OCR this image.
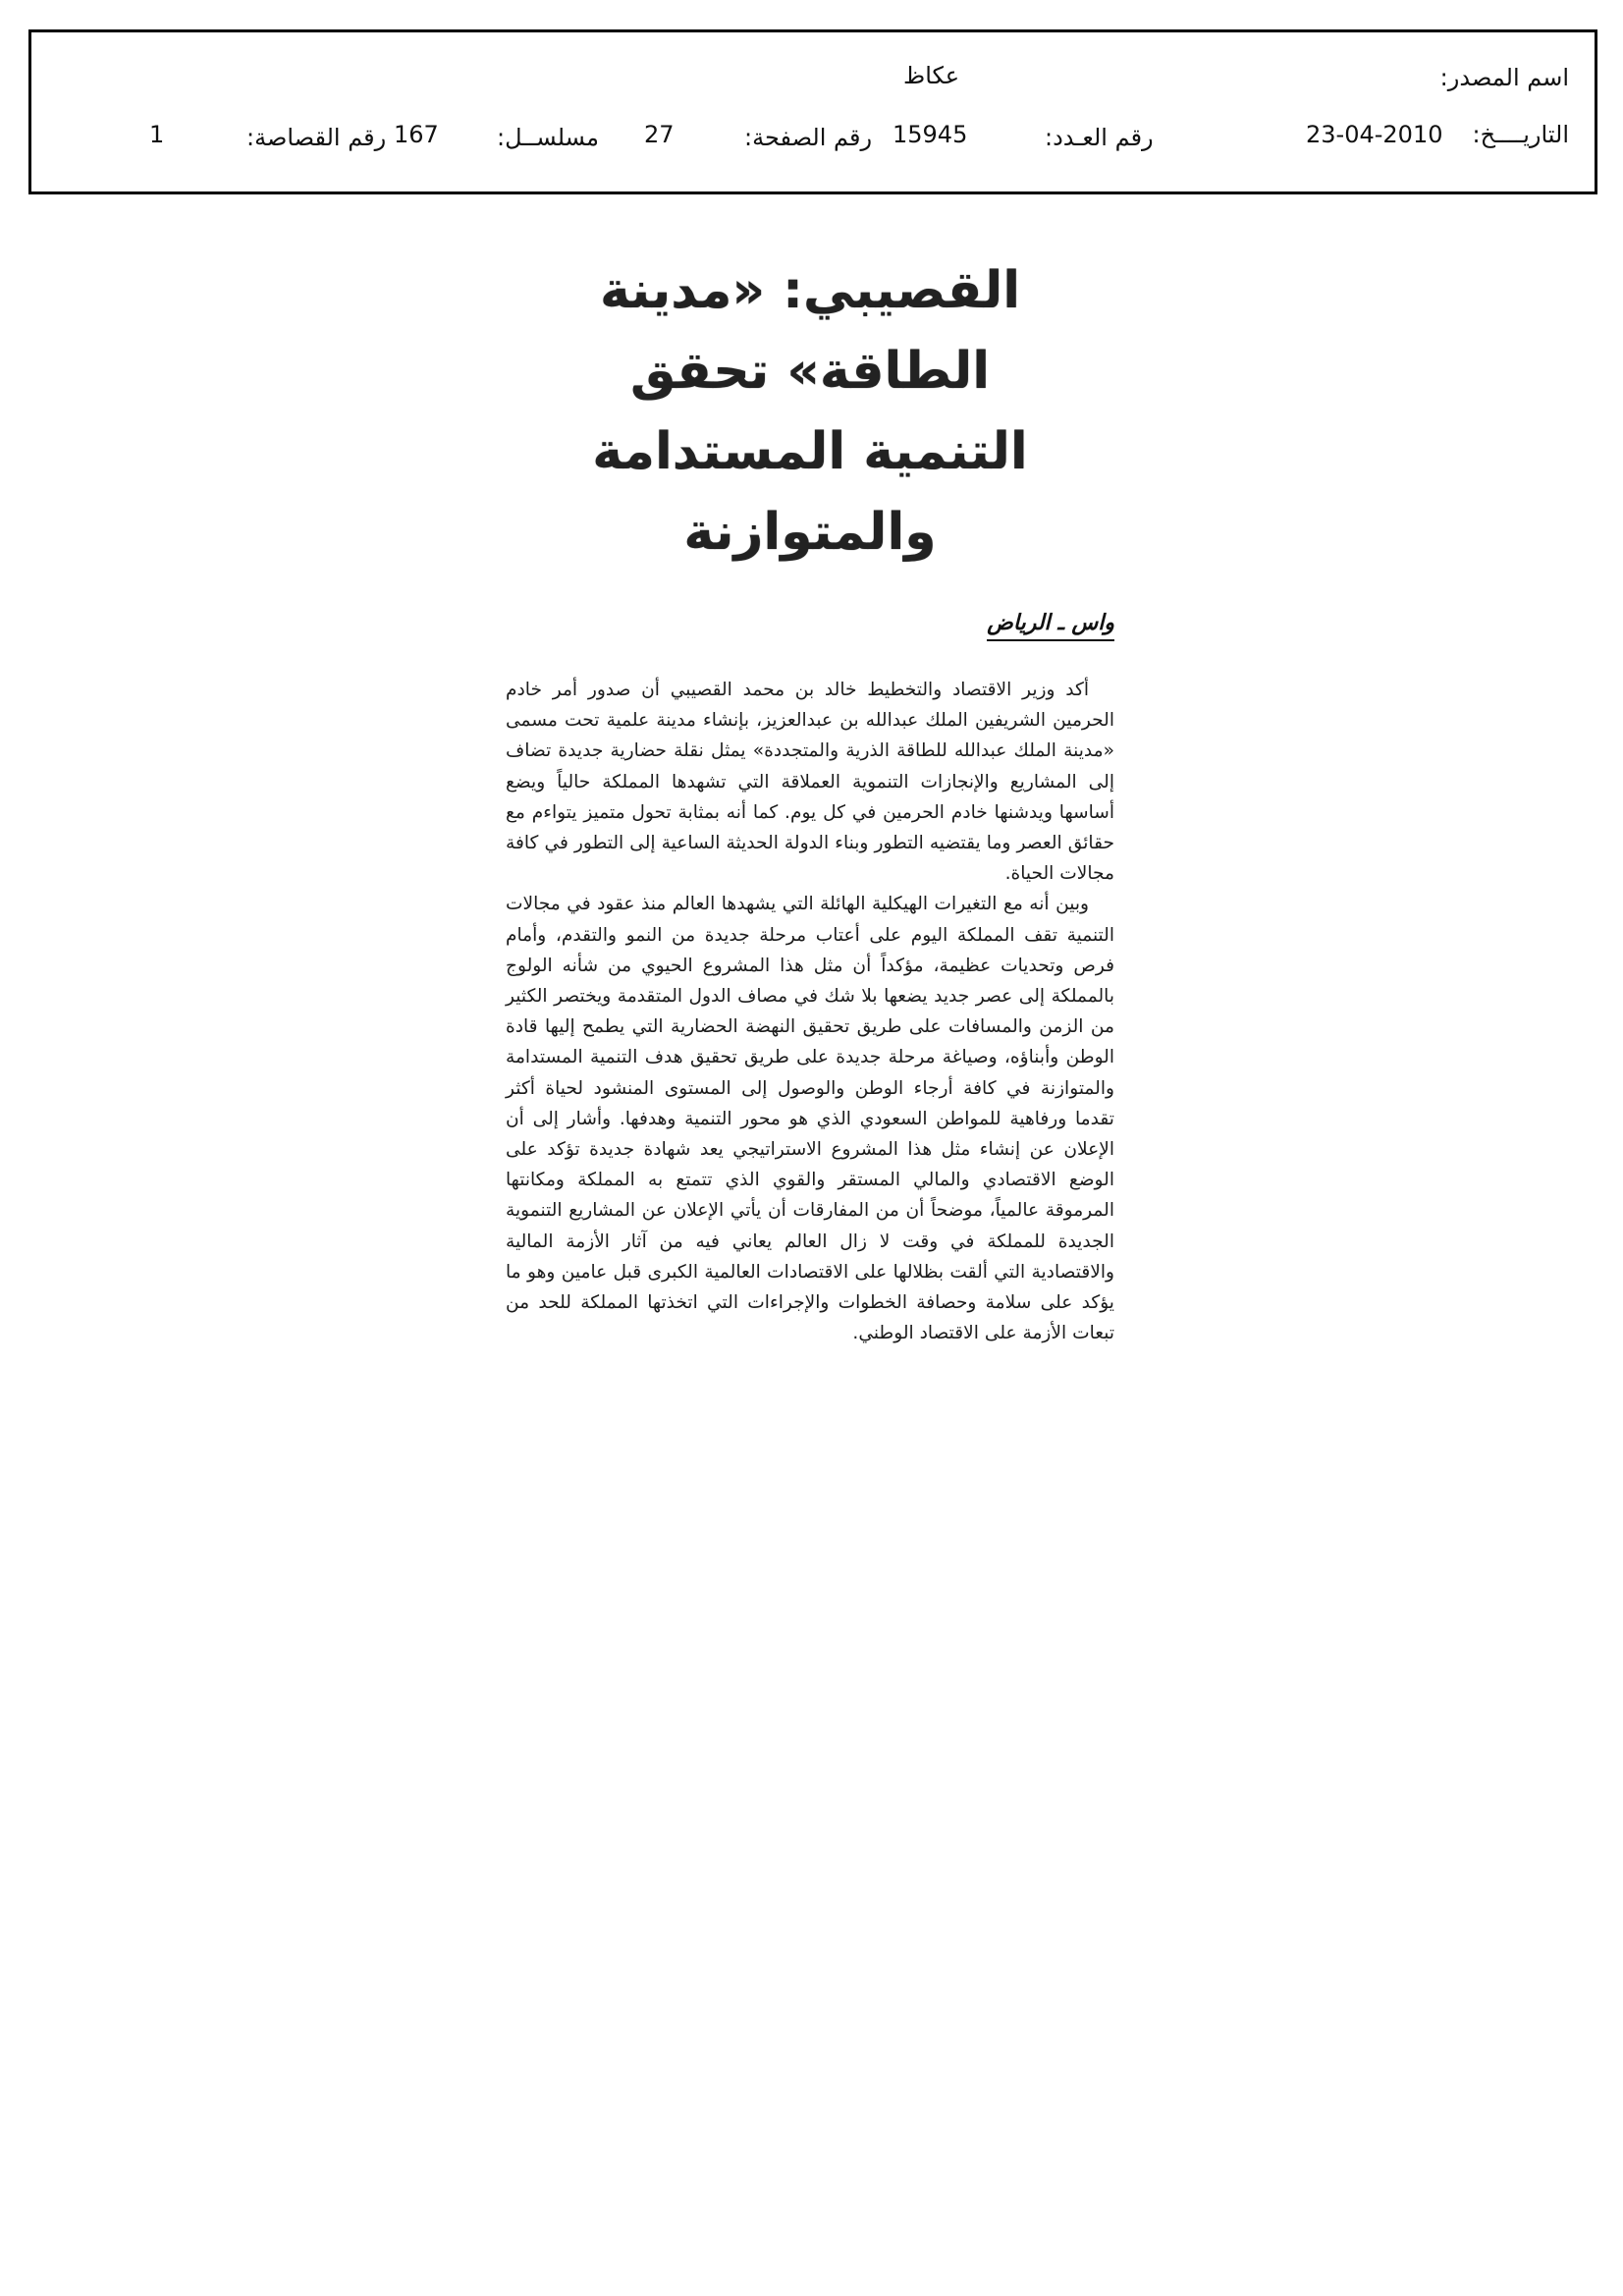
اسم المصدر:
عكاظ
التاريــــخ:
23-04-2010
رقم العـدد:
15945
رقم الصفحة:
27
مسلســل:
167
رقم القصاصة:
1
القصيبي: «مدينة الطاقة» تحقق
التنمية المستدامة والمتوازنة
واس ـ الرياض

أكد وزير الاقتصاد والتخطيط خالد بن محمد القصيبي أن صدور أمر خادم الحرمين الشريفين الملك عبدالله بن عبدالعزيز، بإنشاء مدينة علمية تحت مسمى «مدينة الملك عبدالله للطاقة الذرية والمتجددة» يمثل نقلة حضارية جديدة تضاف إلى المشاريع والإنجازات التنموية العملاقة التي تشهدها المملكة حالياً ويضع أساسها ويدشنها خادم الحرمين في كل يوم. كما أنه بمثابة تحول متميز يتواءم مع حقائق العصر وما يقتضيه التطور وبناء الدولة الحديثة الساعية إلى التطور في كافة مجالات الحياة.

وبين أنه مع التغيرات الهيكلية الهائلة التي يشهدها العالم منذ عقود في مجالات التنمية تقف المملكة اليوم على أعتاب مرحلة جديدة من النمو والتقدم، وأمام فرص وتحديات عظيمة، مؤكداً أن مثل هذا المشروع الحيوي من شأنه الولوج بالمملكة إلى عصر جديد يضعها بلا شك في مصاف الدول المتقدمة ويختصر الكثير من الزمن والمسافات على طريق تحقيق النهضة الحضارية التي يطمح إليها قادة الوطن وأبناؤه، وصياغة مرحلة جديدة على طريق تحقيق هدف التنمية المستدامة والمتوازنة في كافة أرجاء الوطن والوصول إلى المستوى المنشود لحياة أكثر تقدما ورفاهية للمواطن السعودي الذي هو محور التنمية وهدفها. وأشار إلى أن الإعلان عن إنشاء مثل هذا المشروع الاستراتيجي يعد شهادة جديدة تؤكد على الوضع الاقتصادي والمالي المستقر والقوي الذي تتمتع به المملكة ومكانتها المرموقة عالمياً، موضحاً أن من المفارقات أن يأتي الإعلان عن المشاريع التنموية الجديدة للمملكة في وقت لا زال العالم يعاني فيه من آثار الأزمة المالية والاقتصادية التي ألقت بظلالها على الاقتصادات العالمية الكبرى قبل عامين وهو ما يؤكد على سلامة وحصافة الخطوات والإجراءات التي اتخذتها المملكة للحد من تبعات الأزمة على الاقتصاد الوطني.
